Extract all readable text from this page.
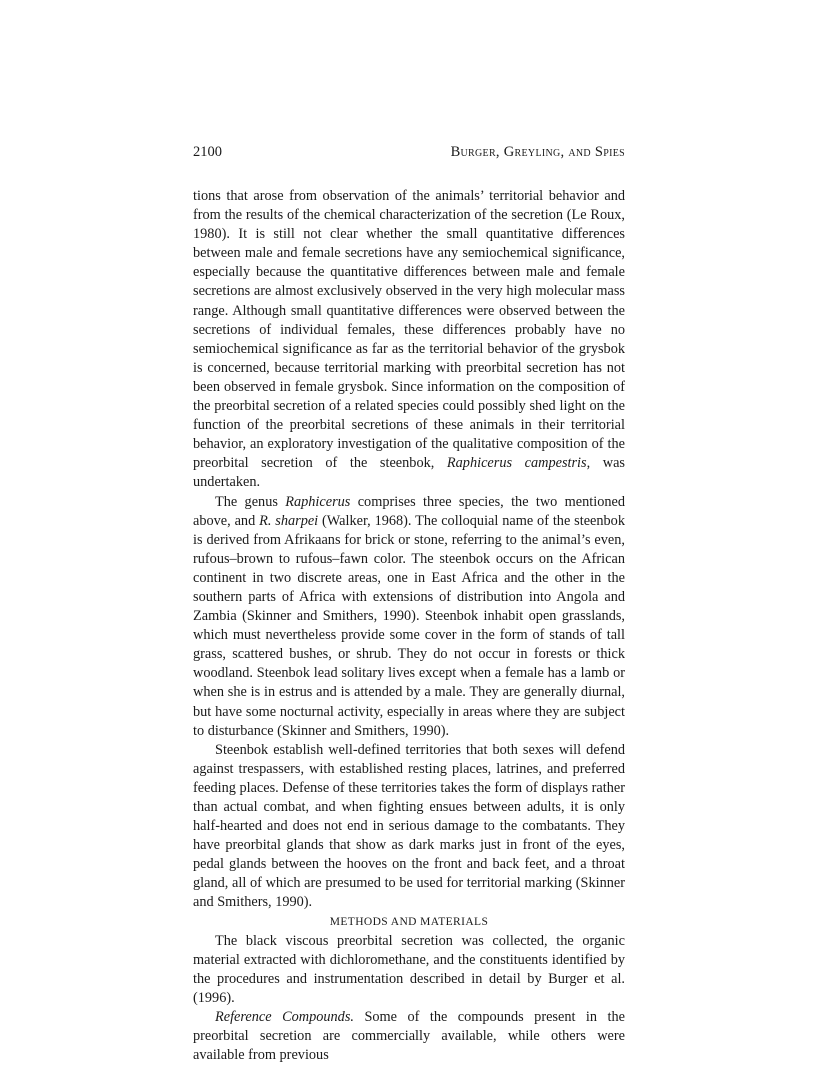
2100	Burger, Greyling, and Spies

tions that arose from observation of the animals’ territorial behavior and from the results of the chemical characterization of the secretion (Le Roux, 1980). It is still not clear whether the small quantitative differences between male and female secretions have any semiochemical significance, especially because the quantitative differences between male and female secretions are almost exclusively observed in the very high molecular mass range. Although small quantitative differences were observed between the secretions of individual females, these differences probably have no semiochemical significance as far as the territorial behavior of the grysbok is concerned, because territorial marking with preorbital secretion has not been observed in female grysbok. Since information on the composition of the preorbital secretion of a related species could possibly shed light on the function of the preorbital secretions of these animals in their territorial behavior, an exploratory investigation of the qualitative composition of the preorbital secretion of the steenbok, Raphicerus campestris, was undertaken.

The genus Raphicerus comprises three species, the two mentioned above, and R. sharpei (Walker, 1968). The colloquial name of the steenbok is derived from Afrikaans for brick or stone, referring to the animal’s even, rufous–brown to rufous–fawn color. The steenbok occurs on the African continent in two discrete areas, one in East Africa and the other in the southern parts of Africa with extensions of distribution into Angola and Zambia (Skinner and Smithers, 1990). Steenbok inhabit open grasslands, which must nevertheless provide some cover in the form of stands of tall grass, scattered bushes, or shrub. They do not occur in forests or thick woodland. Steenbok lead solitary lives except when a female has a lamb or when she is in estrus and is attended by a male. They are generally diurnal, but have some nocturnal activity, especially in areas where they are subject to disturbance (Skinner and Smithers, 1990).

Steenbok establish well-defined territories that both sexes will defend against trespassers, with established resting places, latrines, and preferred feeding places. Defense of these territories takes the form of displays rather than actual combat, and when fighting ensues between adults, it is only half-hearted and does not end in serious damage to the combatants. They have preorbital glands that show as dark marks just in front of the eyes, pedal glands between the hooves on the front and back feet, and a throat gland, all of which are presumed to be used for territorial marking (Skinner and Smithers, 1990).

METHODS AND MATERIALS

The black viscous preorbital secretion was collected, the organic material extracted with dichloromethane, and the constituents identified by the procedures and instrumentation described in detail by Burger et al. (1996).

Reference Compounds. Some of the compounds present in the preorbital secretion are commercially available, while others were available from previous
